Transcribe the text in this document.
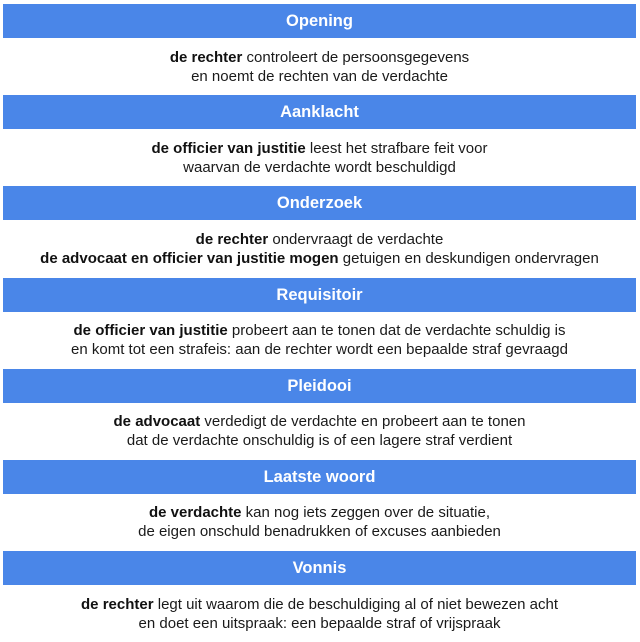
Opening
de rechter controleert de persoonsgegevens
en noemt de rechten van de verdachte
Aanklacht
de officier van justitie leest het strafbare feit voor
waarvan de verdachte wordt beschuldigd
Onderzoek
de rechter ondervraagt de verdachte
de advocaat en officier van justitie mogen getuigen en deskundigen ondervragen
Requisitoir
de officier van justitie probeert aan te tonen dat de verdachte schuldig is
en komt tot een strafeis: aan de rechter wordt een bepaalde straf gevraagd
Pleidooi
de advocaat verdedigt de verdachte en probeert aan te tonen
dat de verdachte onschuldig is of een lagere straf verdient
Laatste woord
de verdachte kan nog iets zeggen over de situatie,
de eigen onschuld benadrukken of excuses aanbieden
Vonnis
de rechter legt uit waarom die de beschuldiging al of niet bewezen acht
en doet een uitspraak: een bepaalde straf of vrijspraak
